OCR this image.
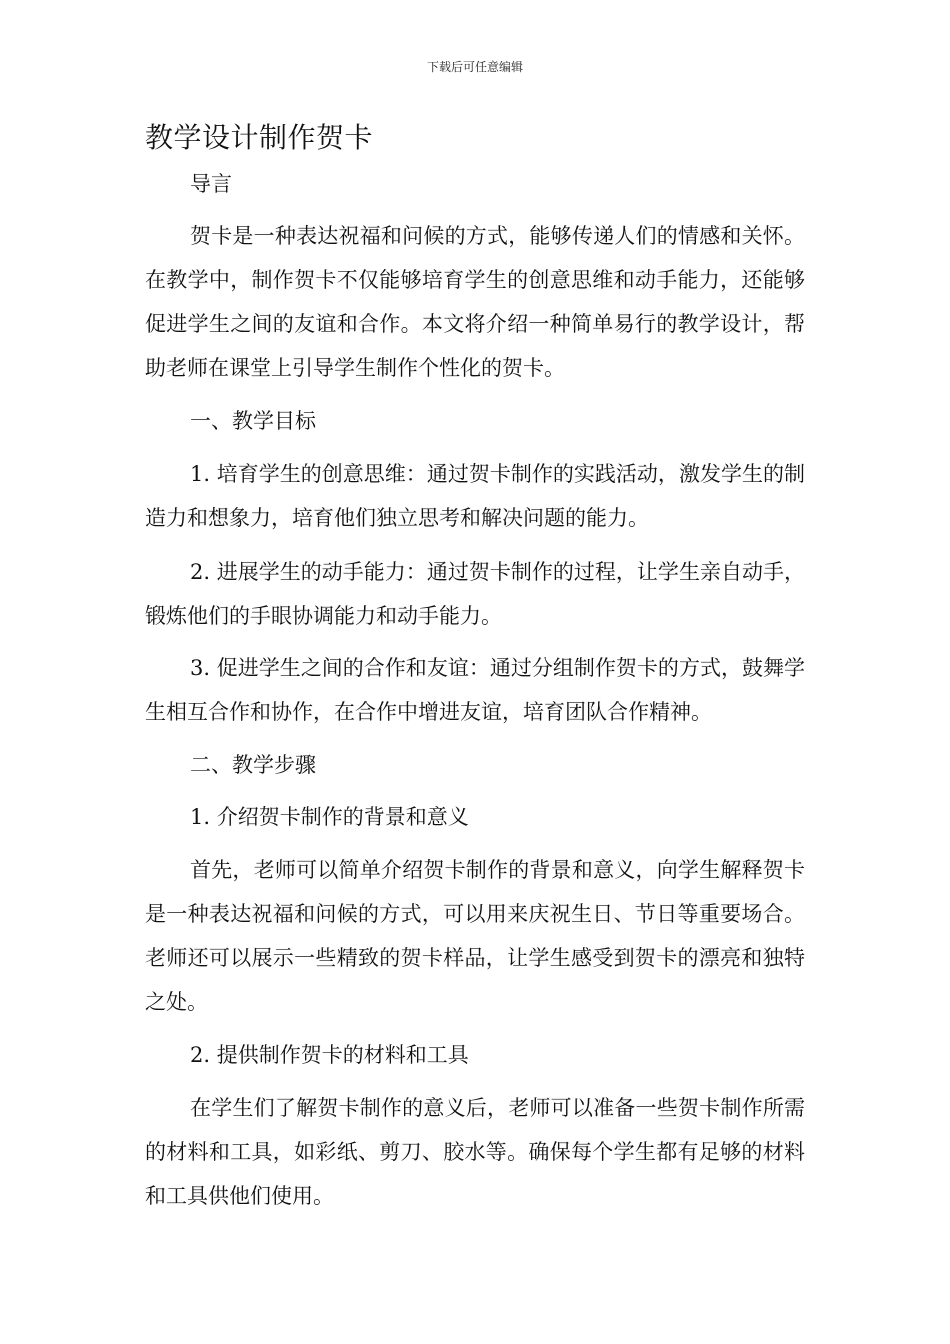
下载后可任意编辑
教学设计制作贺卡

导言

贺卡是一种表达祝福和问候的方式，能够传递人们的情感和关怀。在教学中，制作贺卡不仅能够培育学生的创意思维和动手能力，还能够促进学生之间的友谊和合作。本文将介绍一种简单易行的教学设计，帮助老师在课堂上引导学生制作个性化的贺卡。

一、教学目标

1. 培育学生的创意思维：通过贺卡制作的实践活动，激发学生的制造力和想象力，培育他们独立思考和解决问题的能力。

2. 进展学生的动手能力：通过贺卡制作的过程，让学生亲自动手，锻炼他们的手眼协调能力和动手能力。

3. 促进学生之间的合作和友谊：通过分组制作贺卡的方式，鼓舞学生相互合作和协作，在合作中增进友谊，培育团队合作精神。

二、教学步骤

1. 介绍贺卡制作的背景和意义

首先，老师可以简单介绍贺卡制作的背景和意义，向学生解释贺卡是一种表达祝福和问候的方式，可以用来庆祝生日、节日等重要场合。老师还可以展示一些精致的贺卡样品，让学生感受到贺卡的漂亮和独特之处。

2. 提供制作贺卡的材料和工具

在学生们了解贺卡制作的意义后，老师可以准备一些贺卡制作所需的材料和工具，如彩纸、剪刀、胶水等。确保每个学生都有足够的材料和工具供他们使用。
